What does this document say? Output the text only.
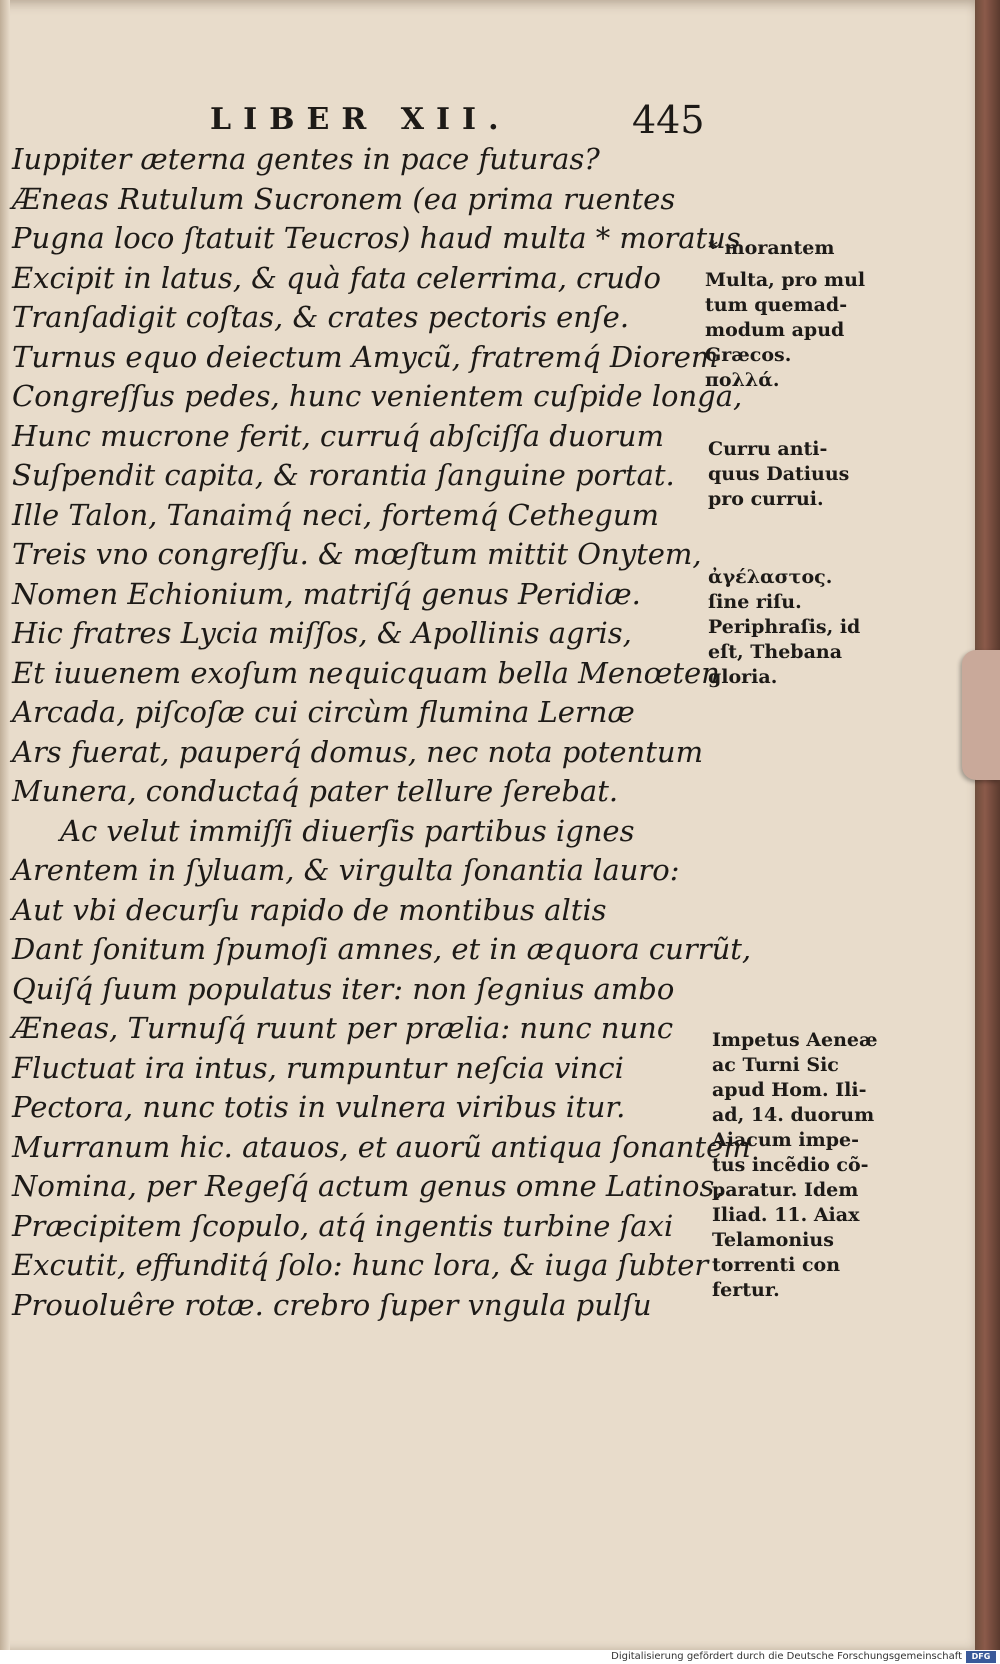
LIBER XII.	445
Iuppiter æterna gentes in pace futuras?
Æneas Rutulum Sucronem (ea prima ruentes
Pugna loco ſtatuit Teucros) haud multa * moratus
Excipit in latus, & quà fata celerrima, crudo
Tranſadigit coſtas, & crates pectoris enſe.
Turnus equo deiectum Amycũ, fratremq́ Diorem
Congreſſus pedes, hunc venientem cuſpide longa,
Hunc mucrone ferit, curruq́ abſciſſa duorum
Suſpendit capita, & rorantia ſanguine portat.
Ille Talon, Tanaimq́ neci, fortemq́ Cethegum
Treis vno congreſſu. & mœſtum mittit Onytem,
Nomen Echionium, matriſq́ genus Peridiæ.
Hic fratres Lycia miſſos, & Apollinis agris,
Et iuuenem exoſum nequicquam bella Menœten
Arcada, piſcoſæ cui circùm flumina Lernæ
Ars fuerat, pauperq́ domus, nec nota potentum
Munera, conductaq́ pater tellure ſerebat.
Ac velut immiſſi diuerſis partibus ignes
Arentem in ſyluam, & virgulta ſonantia lauro:
Aut vbi decurſu rapido de montibus altis
Dant ſonitum ſpumoſi amnes, et in æquora currũt,
Quiſq́ ſuum populatus iter: non ſegnius ambo
Æneas, Turnuſq́ ruunt per prælia: nunc nunc
Fluctuat ira intus, rumpuntur neſcia vinci
Pectora, nunc totis in vulnera viribus itur.
Murranum hic. atauos, et auorũ antiqua ſonantem
Nomina, per Regeſq́ actum genus omne Latinos,
Præcipitem ſcopulo, atq́ ingentis turbine ſaxi
Excutit, effunditq́ ſolo: hunc lora, & iuga ſubter
Prouoluêre rotæ. crebro ſuper vngula pulſu
* morantem
Multa, pro mul
tum quemad-
modum apud
Græcos.
πολλά.
Curru anti-
quus Datiuus
pro currui.
ἀγέλαστος.
ſine riſu.
Periphraſis, id
eſt, Thebana
gloria.
Impetus Aeneæ
ac Turni Sic
apud Hom. Ili-
ad, 14. duorum
Aiacum impe-
tus incẽdio cõ-
paratur. Idem
Iliad. 11. Aiax
Telamonius
torrenti con
fertur.
Digitalisierung gefördert durch die Deutsche Forschungsgemeinschaft	DFG
